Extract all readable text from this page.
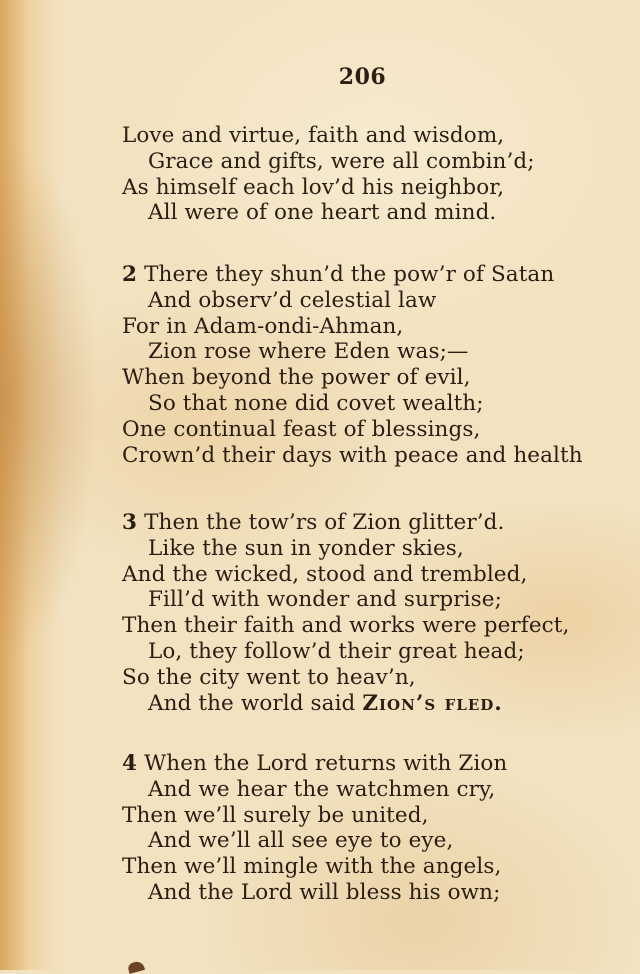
206
Love and virtue, faith and wisdom,
Grace and gifts, were all combin’d;
As himself each lov’d his neighbor,
All were of one heart and mind.
2 There they shun’d the pow’r of Satan
And observ’d celestial law
For in Adam-ondi-Ahman,
Zion rose where Eden was;—
When beyond the power of evil,
So that none did covet wealth;
One continual feast of blessings,
Crown’d their days with peace and health
3 Then the tow’rs of Zion glitter’d.
Like the sun in yonder skies,
And the wicked, stood and trembled,
Fill’d with wonder and surprise;
Then their faith and works were perfect,
Lo, they follow’d their great head;
So the city went to heav’n,
And the world said Zion’s fled.
4 When the Lord returns with Zion
And we hear the watchmen cry,
Then we’ll surely be united,
And we’ll all see eye to eye,
Then we’ll mingle with the angels,
And the Lord will bless his own;
